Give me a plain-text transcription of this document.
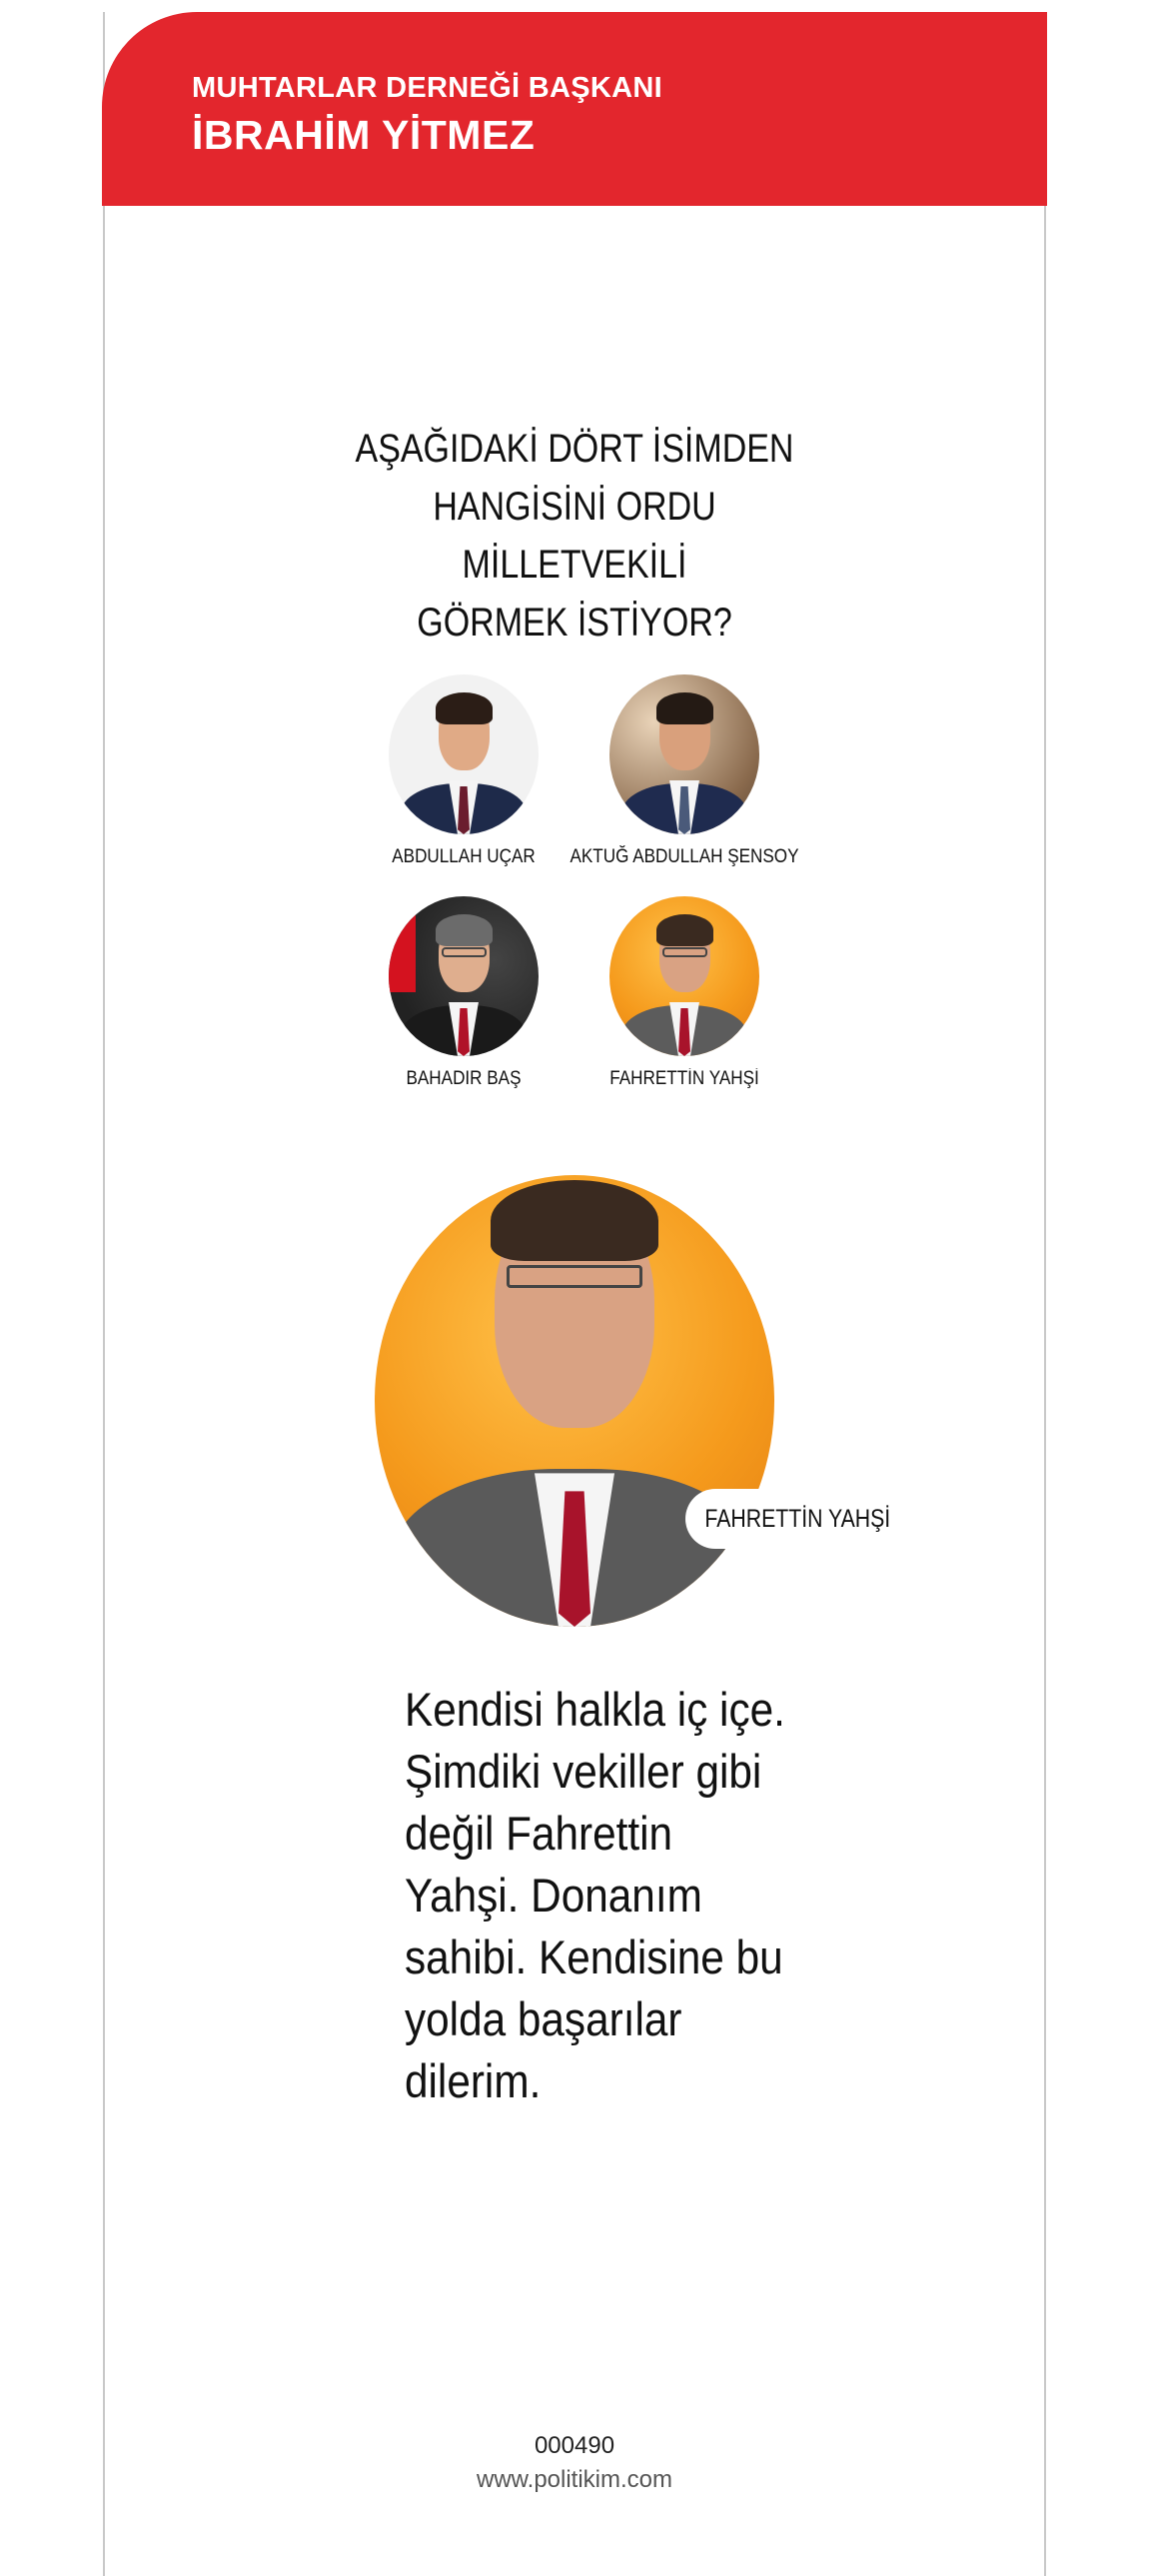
MUHTARLAR DERNEĞİ BAŞKANI
İBRAHİM YİTMEZ
AŞAĞIDAKİ DÖRT İSİMDEN
HANGİSİNİ ORDU MİLLETVEKİLİ
GÖRMEK İSTİYOR?
ABDULLAH UÇAR	AKTUĞ ABDULLAH ŞENSOY
BAHADIR BAŞ	FAHRETTİN YAHŞİ
FAHRETTİN YAHŞİ
Kendisi halkla iç içe.
Şimdiki vekiller gibi
değil Fahrettin
Yahşi. Donanım
sahibi. Kendisine bu
yolda başarılar
dilerim.
000490
www.politikim.com
